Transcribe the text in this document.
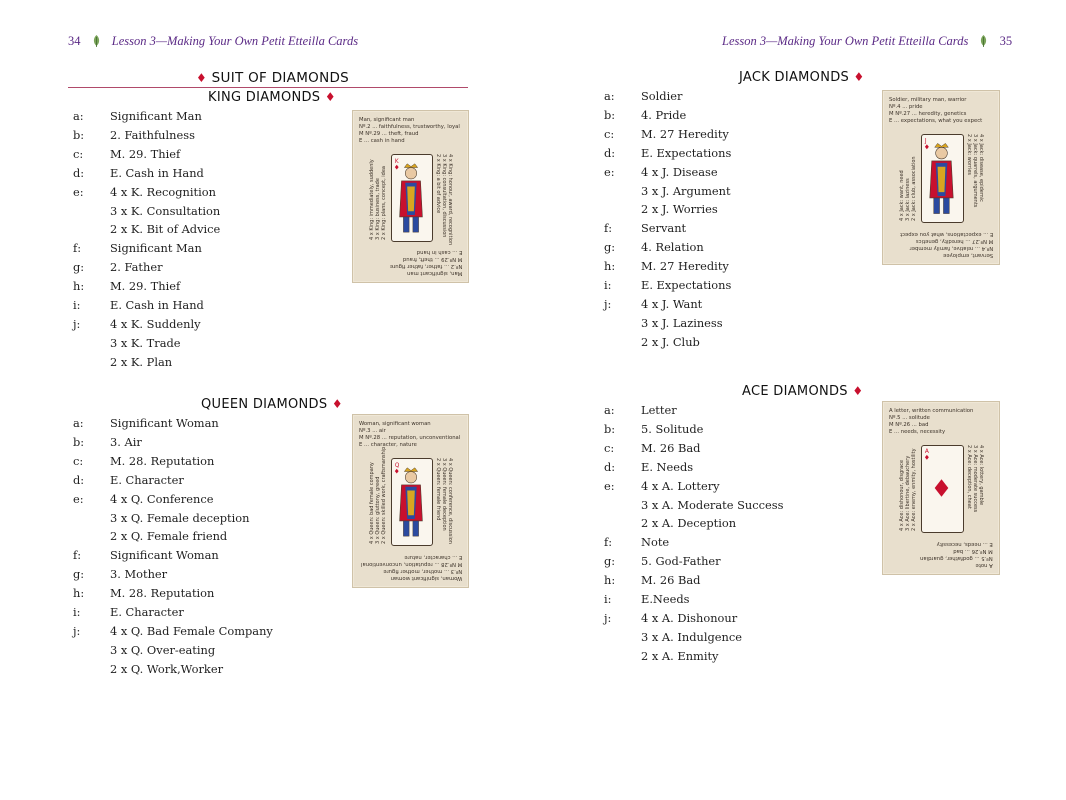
34	Lesson 3—Making Your Own Petit Etteilla Cards	Lesson 3—Making Your Own Petit Etteilla Cards	35
♦ SUIT OF DIAMONDS
KING DIAMONDS ♦
QUEEN DIAMONDS ♦
JACK DIAMONDS ♦
ACE DIAMONDS ♦
a: Significant Man
b: 2. Faithfulness
c: M. 29. Thief
d: E. Cash in Hand
e: 4 x K. Recognition
3 x K. Consultation
2 x K. Bit of Advice
f:	Significant Man
g: 2. Father
h: M. 29. Thief
i:	E. Cash in Hand
j:	4 x K. Suddenly
3 x K. Trade
2 x K. Plan
a: Significant Woman
b: 3. Air
c: M. 28. Reputation
d: E. Character
e: 4 x Q. Conference
3 x Q. Female deception
2 x Q. Female friend
f:	Significant Woman
g: 3. Mother
h: M. 28. Reputation
i:	E. Character
j:	4 x Q. Bad Female Company
3 x Q. Over-eating
2 x Q. Work,Worker
a: Soldier
b: 4. Pride
c: M. 27 Heredity
d: E. Expectations
e: 4 x J. Disease
3 x J. Argument
2 x J. Worries
f:	Servant
g: 4. Relation
h: M. 27 Heredity
i:	E. Expectations
j:	4 x J. Want
3 x J. Laziness
2 x J. Club
a: Letter
b: 5. Solitude
c: M. 26 Bad
d: E. Needs
e: 4 x A. Lottery
3 x A. Moderate Success
2 x A. Deception
f:	Note
g: 5. God-Father
h: M. 26 Bad
i:	E.Needs
j:	4 x A. Dishonour
3 x A. Indulgence
2 x A. Enmity
Man, significant man
Nº.2 ... faithfulness, trustworthy, loyal
M Nº.29 ... theft, fraud
E ... cash in hand
Man, significant man
Nº.2 ... father, father figure
M Nº.29 ... theft, fraud
E ... cash in hand
4 x King: immediately, suddenly 3 x King: business, trade 2 x King: plans, concept, idea	4 x King: honour, award, recognition
3 x King: consultation, discussion
2 x King: a bit of advice
K
Woman, significant woman
Nº.3 ... air
M Nº.28 ... reputation, unconventional
E ... character, nature
Woman, significant woman
Nº.3 ... mother, mother figure
M Nº.28 ... reputation, unconventional
E ... character, nature
4 x Queen: bad female company 3 x Queen: gluttony, greed 2 x Queen: skilled work, craftsmanship	4 x Queen: conference, discussion
3 x Queen: female deception
2 x Queen: female friend
Q
Soldier, military man, warrior
Nº.4 ... pride
M Nº.27 ... heredity, genetics
E ... expectations, what you expect
Servant, employee
Nº.4 ... relative, family member
M Nº.27 ... heredity, genetics
E ... expectations, what you expect
4 x Jack: want, need 3 x Jack: laziness 2 x Jack: club, association	4 x Jack: disease, epidemic
3 x Jack: quarrels, arguments
2 x Jack: worries
J
A letter, written communication
Nº.5 ... solitude
M Nº.26 ... bad
E ... needs, necessity
A note
Nº.5 ... godfather, guardian
M Nº.26 ... bad
E ... needs, necessity
4 x Ace: dishonour, disgrace 3 x Ace: libertine, debauchery 2 x Ace: enemy, enmity, hostility	4 x Ace: lottery, gamble
3 x Ace: moderate success
2 x Ace: deception, cheat
A
